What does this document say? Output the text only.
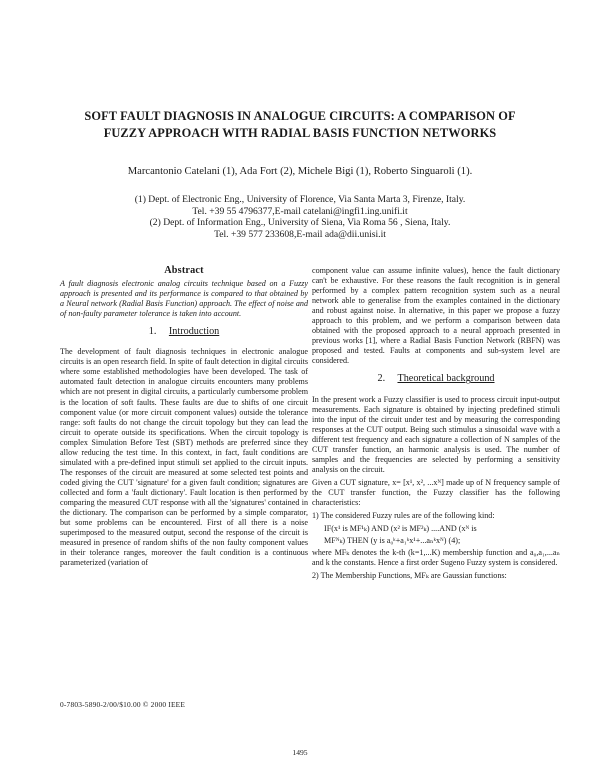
SOFT FAULT DIAGNOSIS IN ANALOGUE CIRCUITS: A COMPARISON OF
FUZZY APPROACH WITH RADIAL BASIS FUNCTION NETWORKS

Marcantonio Catelani (1), Ada Fort (2), Michele Bigi (1), Roberto Singuaroli (1).

(1) Dept. of Electronic Eng., University of Florence, Via Santa Marta 3, Firenze, Italy.

Tel. +39 55 4796377,E-mail catelani@ingfi1.ing.unifi.it

(2) Dept. of Information Eng., University of Siena, Via Roma 56 , Siena, Italy.

Tel. +39 577 233608,E-mail ada@dii.unisi.it

Abstract

A fault diagnosis electronic analog circuits technique based on a Fuzzy approach is presented and its performance is compared to that obtained by a Neural network (Radial Basis Function) approach. The effect of noise and of non-faulty parameter tolerance is taken into account.

1. Introduction

The development of fault diagnosis techniques in electronic analogue circuits is an open research field. In spite of fault detection in digital circuits where some established methodologies have been developed. The task of automated fault detection in analogue circuits encounters many problems which are not present in digital circuits, a particularly cumbersome problem is the location of soft faults. These faults are due to shifts of one circuit component value (or more circuit component values) outside the tolerance range: soft faults do not change the circuit topology but they can lead the circuit to operate outside its specifications. When the circuit topology is complex Simulation Before Test (SBT) methods are preferred since they allow reducing the test time. In this context, in fact, fault conditions are simulated with a pre-defined input stimuli set applied to the circuit inputs. The responses of the circuit are measured at some selected test points and coded giving the CUT 'signature' for a given fault condition; signatures are collected and form a 'fault dictionary'. Fault location is then performed by comparing the measured CUT response with all the 'signatures' contained in the dictionary. The comparison can be performed by a simple comparator, but some problems can be encountered. First of all there is a noise superimposed to the measured output, second the response of the circuit is measured in presence of random shifts of the non faulty component values in their tolerance ranges, moreover the fault condition is a continuous parameterized (variation of

component value can assume infinite values), hence the fault dictionary can't be exhaustive. For these reasons the fault recognition is in general performed by a complex pattern recognition system such as a neural network able to generalise from the examples contained in the dictionary and robust against noise. In alternative, in this paper we propose a fuzzy approach to this problem, and we perform a comparison between data obtained with the proposed approach to a neural approach presented in previous works [1], where a Radial Basis Function Network (RBFN) was proposed and tested. Faults at components and sub-system level are considered.

2. Theoretical background

In the present work a Fuzzy classifier is used to process circuit input-output measurements. Each signature is obtained by injecting predefined stimuli into the input of the circuit under test and by measuring the corresponding responses at the CUT output. Being such stimulus a sinusoidal wave with a different test frequency and each signature a collection of N samples of the CUT transfer function, an harmonic analysis is used. The number of samples and the frequencies are selected by performing a sensitivity analysis on the circuit.

Given a CUT signature, x= [x¹, x², ...xᴺ] made up of N frequency sample of the CUT transfer function, the Fuzzy classifier has the following characteristics:

1) The considered Fuzzy rules are of the following kind:

IF(x¹ is MF¹ₖ) AND (x² is MF²ₖ) ....AND (xᴺ is
MFᴺₖ) THEN (y is a₀ᵏ+a₁ᵏx¹+...aₙᵏxᴺ) (4);

where MFₖ denotes the k-th (k=1,...K) membership function and a₀,a₁,...aₙ and k the constants. Hence a first order Sugeno Fuzzy system is considered.

2) The Membership Functions, MFₖ are Gaussian functions:

0-7803-5890-2/00/$10.00 © 2000 IEEE
1495
